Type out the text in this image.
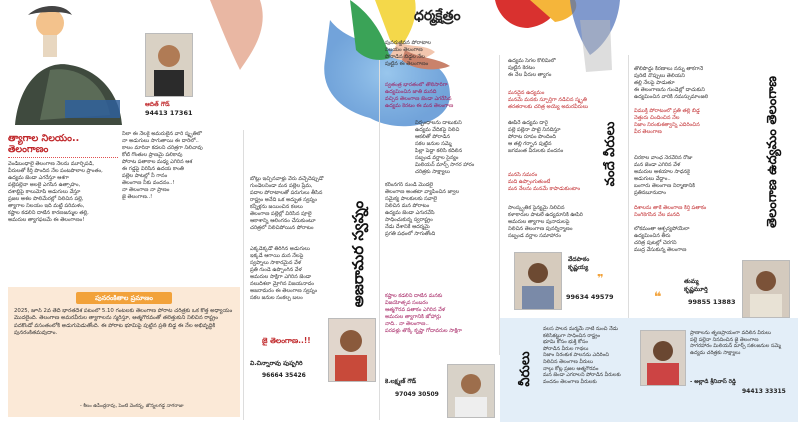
ఆదిత్ గౌడ్
94413 17361
త్యాగాల నిలయం..
తెలంగాణం
వెండిబంధాలై తెలంగాణ నేలను మూర్చిపడి,
వీరులతో కీర్తి పొందిన నేల పంటపొలాల ప్రాంతం,
ఉద్యమ జెండా ఎగరేస్తూ ఆశగా
పల్లెపల్లెనా అలలై ఎగసిన ఉత్సాహం,
దశాబ్దిపై కాలుమోపి అడుగులు వేస్తూ
ప్రజల ఆశల పొలిమేరల్లో నిలిచిన పల్లె,
త్యాగాల నిలయం ఇది మట్టి పరిమళం,
కష్టాల కడలిని దాటిన కారణజన్ముల తల్లి,
అమరుల త్యాగఫలమే ఈ తెలంగాణం!
నీలా ఈ నేలకై అమరులైన వారి స్మృతిలో
నా అడుగులు సాగుతాయి ఈ దారిలో..
కాలం మారినా కదలని చరిత్రగా నిలిచావు
కోటి గొంతుల ప్రాణమై పలికావు
పోరాట పతాకాల మధ్య ఎగిరిన ఆశ
ఈ గడ్డపై విరిసిన ఉదయ కాంతి
పల్లెల పాటల్లో నీ గానం
తెలంగాణ నీకు వందనం..!
నా తెలంగాణ నా ప్రాణం
జై తెలంగాణ..!
పునరంకితాల ప్రమాణం
2025, జూన్ 2వ తేదీ భారతదేశ పటంలో 5.10 గంటలకు తెలంగాణ పోరాట చరిత్రకు ఒక కొత్త అధ్యాయం మొదలైంది. తెలంగాణ అమరవీరుల త్యాగాలను స్మరిస్తూ, ఆత్మగౌరవంతో తలెత్తుకుని నిలిచిన రాష్ట్రం పదకొండో వసంతంలోకి అడుగుపెడుతోంది. ఈ పోరాట భూమిపై పుట్టిన ప్రతి బిడ్డ ఈ నేల అభివృద్ధికి పునరంకితమవుదాం.
- శీలం ఉపేంద్రరావు, పెంటి వెంకన్న, జొన్నలగడ్డ నాగరాజు
బోట్లు ఇచ్చినవాళ్లు వేరు వచ్చేదెప్పుడో
గుండెలనిండా మన పల్లెల ప్రేమ,
పదాల పోరాటాలతో పరుగులు తీసిన
రాష్ట్రం అనేది ఒక అద్భుత స్వప్నం
కన్నీళ్లను జయించిన కలలు
తెలంగాణ పల్లెల్లో విరిసిన పూలై
ఆకాశాన్ని ఆలింగనం చేసుకుంటూ
చరిత్రలో నిలిచిపోయిన పోరాటం
ఎక్కడెక్కడో తిరిగిన అడుగులు
ఇక్కడే ఆగాయి మన నేలపై
స్వప్నాలు సాకారమైన వేళ
ప్రతి గుండె ఉప్పొంగిన వేళ
అమరుల సాక్షిగా ఎగిరిన జెండా
నలుదిశలా మ్రోగిన విజయనాదం
అజరామరం ఈ తెలంగాణ స్వప్నం
సకల జనుల సంకల్ప బలం
జై తెలంగాణ..!!
వి.చిన్నారావు పుష్పగిరి
96664 35426
అజరామర స్వప్నం
ధర్మక్షేత్రం
పునరుజ్జీవన పోరాటాల
నిలయం తెలంగాణ
పోరాడిన బిడ్డల నేల
పుట్టిన ఈ తెలంగాణం
స్వతంత్ర భారతంలో తొలిసారిగా
ఉద్యమించిన జాతి మనది
వచ్చిన తెలంగాణ జెండా ఎగరేసిన
ఉద్యమ కెరటం ఈ మన తెలంగాణ
నిర్భంధాలను దాటుకుని
ఉద్యమ వేదికపై నిలిచి
ఆకలితో పోరాడిన
సకల జనుల సమ్మె
పిల్లా పెద్దా కలిసి కదిలిన
సబ్బండ వర్ణాల సైన్యం
మిలియన్ మార్చ్ సాగర హారం
చరిత్రకు సాక్ష్యాలు
కరీంనగర్ నుండి మొదలై
తెలంగాణ అంతటా వ్యాపించిన జ్వాల
సమైక్య పాలకులకు సవాలై
నిలిచిన మన పోరాటం
ఉద్యమ జెండా ఎగురవేసి
సాధించుకున్న స్వరాష్ట్రం
నేడు దేశానికే ఆదర్శమై
ప్రగతి పథంలో సాగుతోంది
కష్టాల కడలిని దాటిన మనకు
విజయోత్సవ సంబరం
ఆత్మగౌరవ పతాకం ఎగిరిన వేళ
అమరుల త్యాగానికి జోహార్లు
నాది.. నా తెలంగాణ..
పరవళ్లు తొక్కే కృష్ణా గోదావరుల సాక్షిగా
కె.లక్ష్మణ్ గౌడ్
97049 30509
ఉద్యమ సెగల కొలిమిలో
పుట్టిన కెరటం
ఈ నేల వీరుల త్యాగం
మనదైన ఉద్యమం
మనమే మనకు స్ఫూర్తిగా నడిచిన స్మృతి
తరతరాలకు చరిత్ర అయ్యె అమరవీరులు
ఊపిరే ఉద్యమ దారై
పల్లె పల్లెనా పాటై నినదిస్తూ
పోరాట రూపం పొందింది
ఆ తల్లి గర్భాన పుట్టిన
జగమంత వీరులకు వందనం
మనసే సమరం
మది ఉప్పొంగుతుంటే
మన నేలను మనమే కాపాడుకుంటాం
సాంస్కృతిక సైన్యమై నిలిచిన
కళాకారుల పాటలే ఉద్యమానికి ఊపిరి
అమరుల త్యాగాల పునాదులపై
నిలిచిన తెలంగాణ పునర్నిర్మాణం
సబ్బండ వర్ణాల సమాహారం
వేదపాఠం
కృష్ణయ్య
❞
99634 49579
వందే వీరులు
తొలిపొద్దు కిరణాలు నన్ను తాకగానే
పురిటి నొప్పులు తెలియని
తల్లి నేలపై పాడుతూ
ఈ తెలంగాణను గుండెల్లో దాచుకుని
ఉద్యమించిన వారికి నమస్సుమాంజలి
విముక్తి పోరాటంలో ప్రతి తల్లి బిడ్డ
నెత్తురు చిందించిన నేల
నిజాం నిరంకుశత్వాన్ని ఎదిరించిన
వీర తెలంగాణ
చిరకాల వాంఛ నెరవేరిన రోజు
మన జెండా ఎగిరిన వేళ
అమరుల ఆశయాల సాధనకై
అడుగులు వేద్దాం..
బంగారు తెలంగాణ నిర్మాణానికి
ప్రతినబూనుదాం
దిశాలను తాకే తెలంగాణ కీర్తి పతాకం
నింగికెగసిన నేల మనది
లోకమంతా ఆశ్చర్యపోయేలా
ఉద్యమించిన తీరు
చరిత్ర పుటల్లో చెరగని
ముద్ర వేసుకున్న తెలంగాణ
తెలంగాణ ఉద్యమం తెలంగాణ
❝
తుమ్మ
కృష్ణమూర్తి
99855 13883
వీరులు
వలస పాలన మర్మమే నాటి నుంచి నేడు
కలిసికట్టుగా సాధించిన రాష్ట్రం
భూమి కోసం భుక్తి కోసం
పోరాడిన వీరుల గాథలు
నిజాం నిరంకుశ పాలనను ఎదిరించి
నిలిచిన తెలంగాణ వీరులు
నాల్గు కోట్ల ప్రజల ఆత్మగౌరవం
మన జెండా ఎగరాలని పోరాడిన వీరులకు
వందనం తెలంగాణ వీరులకు
ప్రాణాలను తృణప్రాయంగా వదిలిన వీరులు
పల్లె పల్లెనా నినదించిన జై తెలంగాణ
సాగరహారం మిలియన్ మార్చ్ సకలజనుల సమ్మె
ఉద్యమ చరిత్రకు సాక్ష్యాలు
- అల్లాడి శ్రీనివాస్ రెడ్డి
94413 33315
